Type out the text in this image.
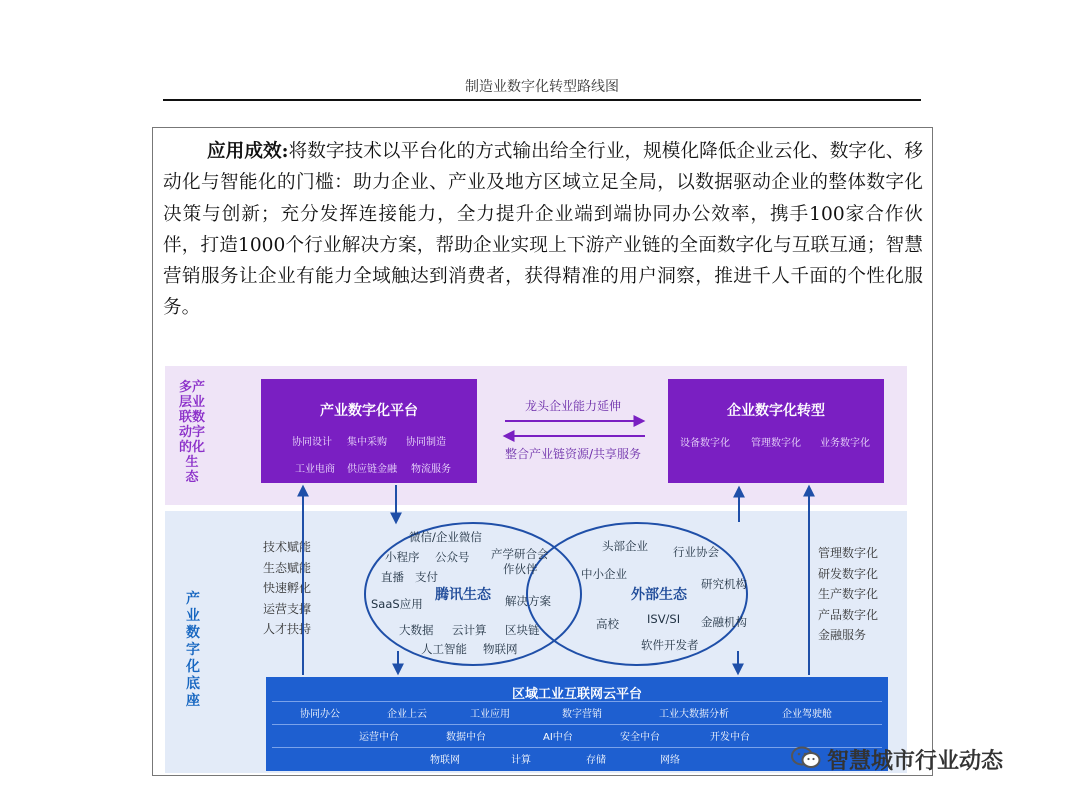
制造业数字化转型路线图
应用成效:将数字技术以平台化的方式输出给全行业，规模化降低企业云化、数字化、移动化与智能化的门槛：助力企业、产业及地方区域立足全局，以数据驱动企业的整体数字化决策与创新；充分发挥连接能力，全力提升企业端到端协同办公效率，携手100家合作伙伴，打造1000个行业解决方案，帮助企业实现上下游产业链的全面数字化与互联互通；智慧营销服务让企业有能力全域触达到消费者，获得精准的用户洞察，推进千人千面的个性化服务。
多产
层业
联数
动字
的化
生
态
产
业
数
字
化
底
座
产业数字化平台
协同设计 集中采购 协同制造
工业电商 供应链金融 物流服务
企业数字化转型
设备数字化 管理数字化 业务数字化
龙头企业能力延伸
整合产业链资源/共享服务
技术赋能
生态赋能
快速孵化
运营支撑
人才扶持
管理数字化
研发数字化
生产数字化
产品数字化
金融服务
微信/企业微信
小程序 公众号 产学研合会
作伙伴
直播 支付
SaaS应用
腾讯生态 解决方案
大数据 云计算 区块链
人工智能 物联网
头部企业 行业协会
中小企业
外部生态
研究机构
高校 ISV/SI 金融机构
软件开发者
区域工业互联网云平台
协同办公	企业上云	工业应用	数字营销	工业大数据分析	企业驾驶舱
运营中台	数据中台	AI中台	安全中台	开发中台
物联网	计算	存储	网络	智慧城市行业动态
